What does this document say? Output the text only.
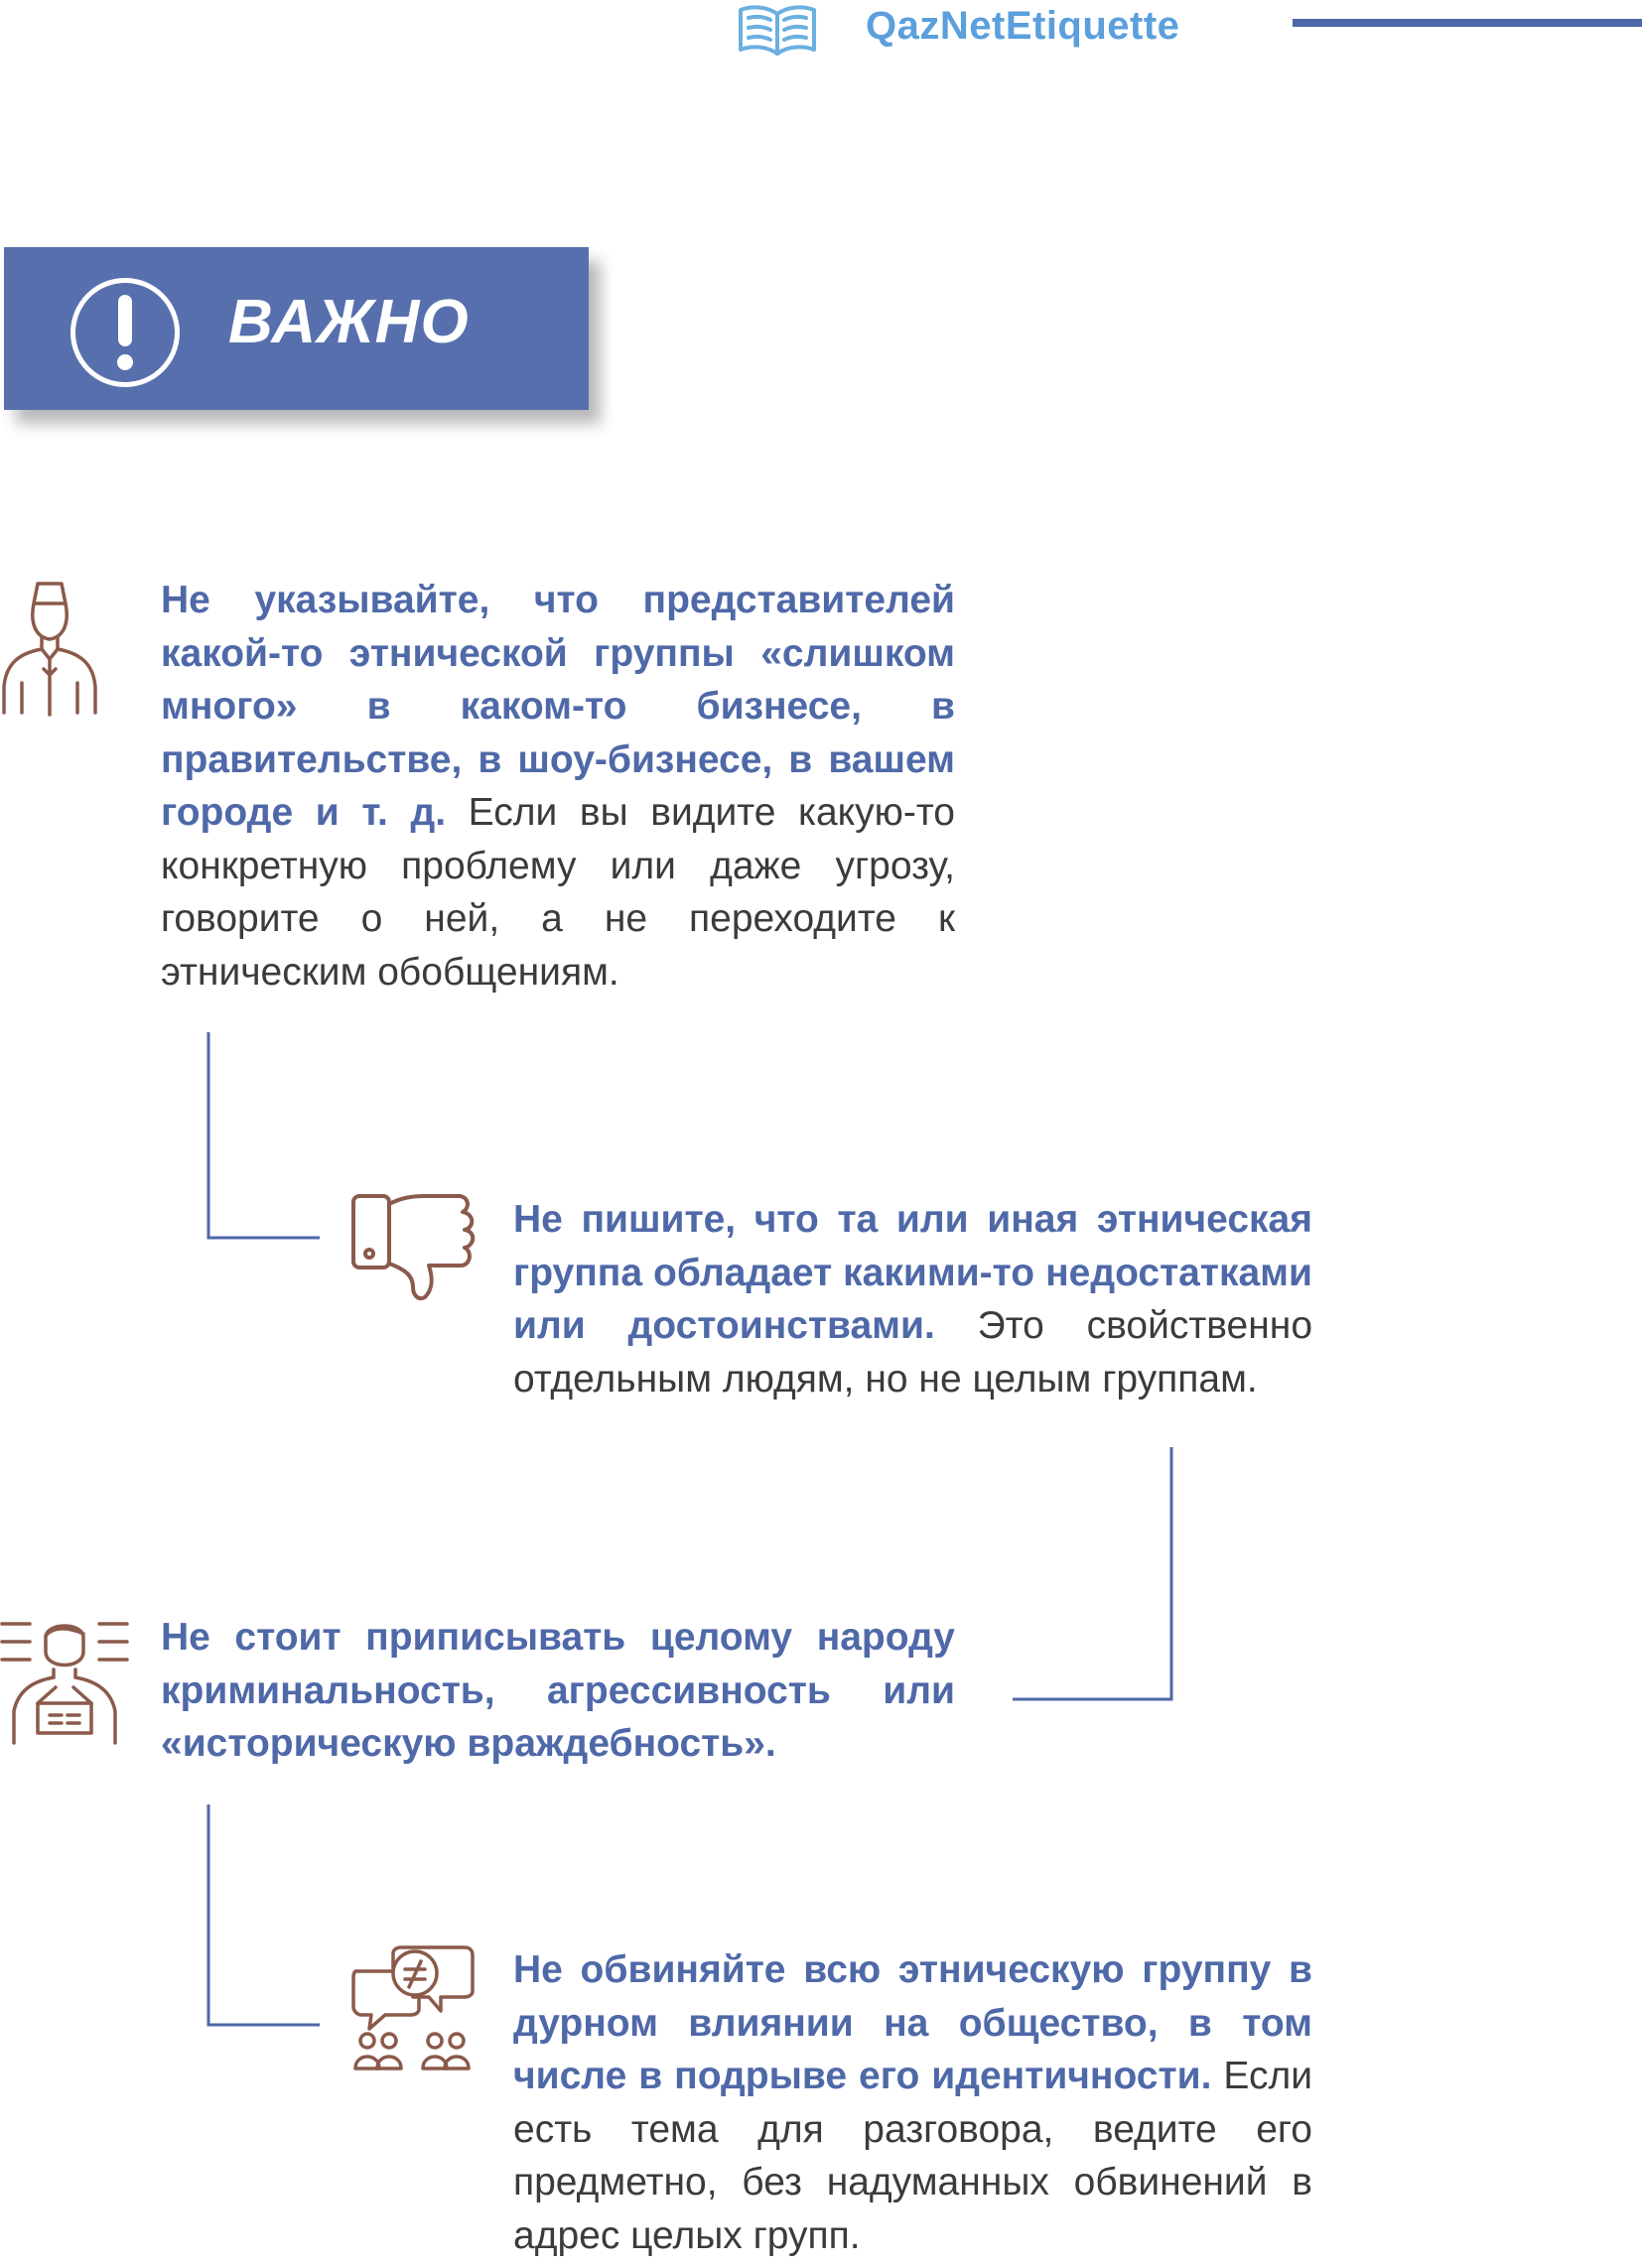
QazNetEtiquette
ВАЖНО
Не указывайте, что представителей какой-то этнической группы «слишком много» в каком-то бизнесе, в правительстве, в шоу-бизнесе, в вашем городе и т. д. Если вы видите какую-то конкретную проблему или даже угрозу, говорите о ней, а не переходите к этническим обобщениям.
Не пишите, что та или иная этническая группа обладает какими-то недостатками или достоинствами. Это свойственно отдельным людям, но не целым группам.
Не стоит приписывать целому народу криминальность, агрессивность или «историческую враждебность».
Не обвиняйте всю этническую группу в дурном влиянии на общество, в том числе в подрыве его идентичности. Если есть тема для разговора, ведите его предметно, без надуманных обвинений в адрес целых групп.
